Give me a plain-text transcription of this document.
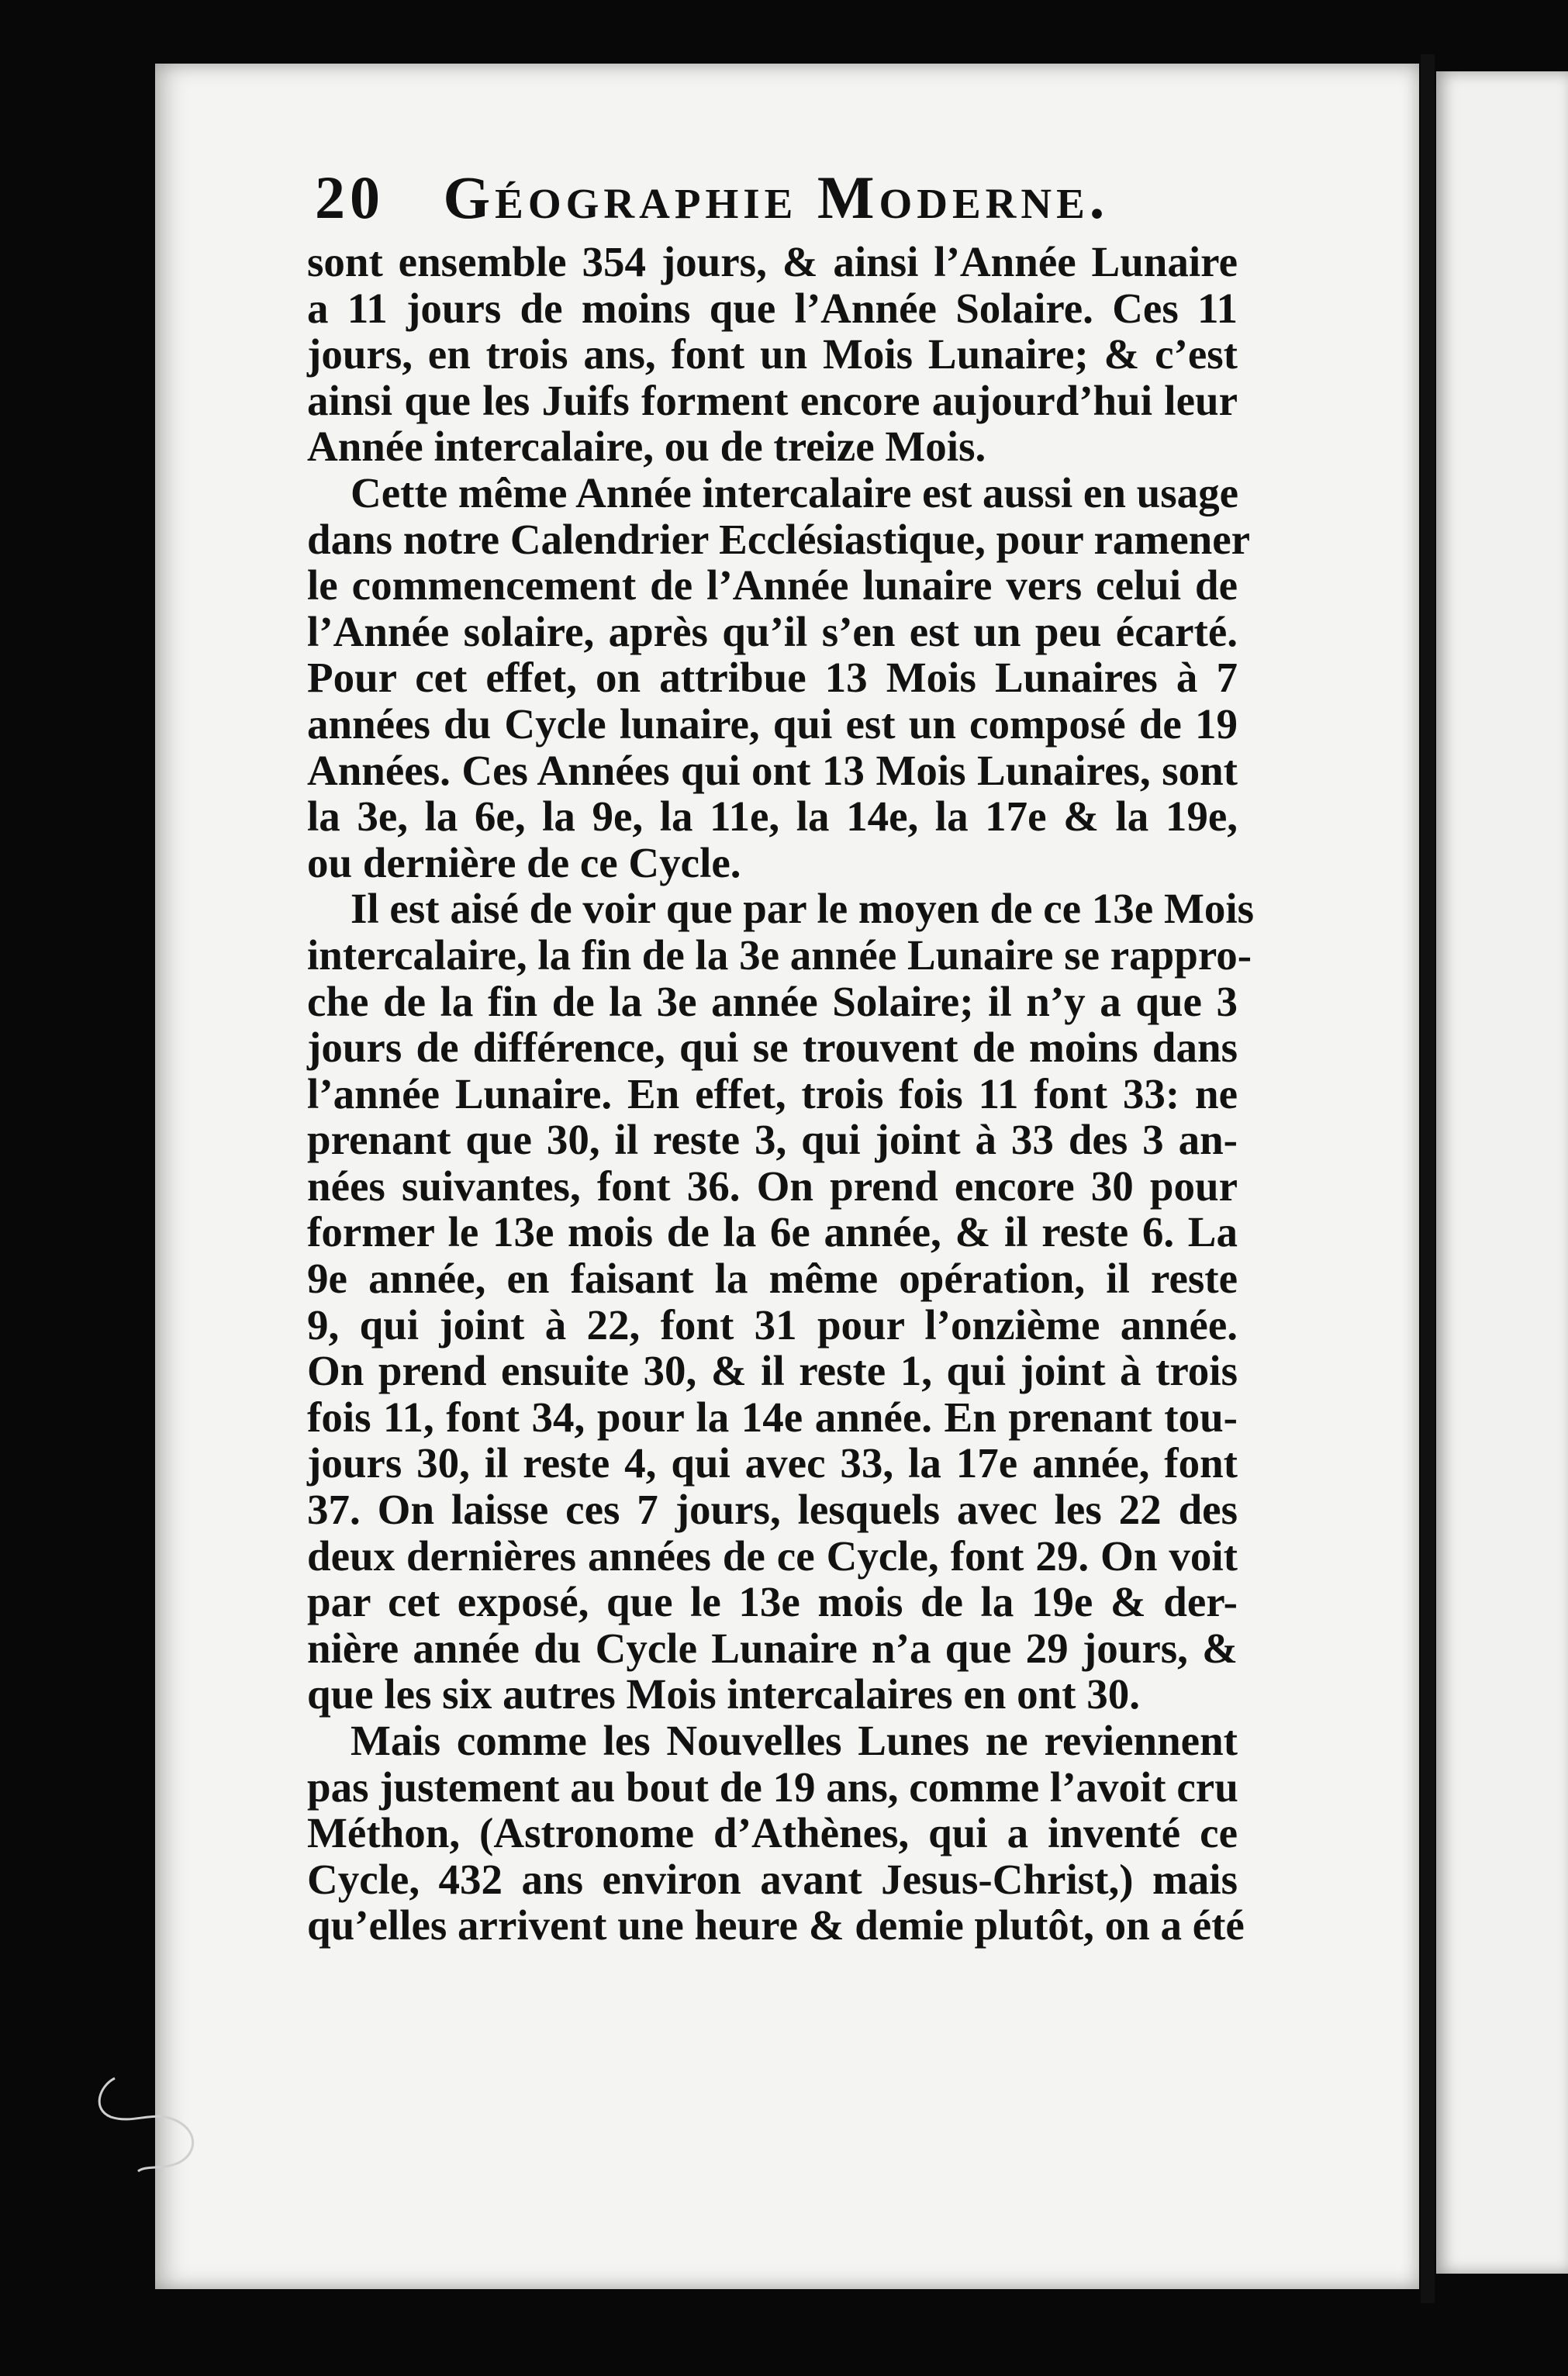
20 Géographie Moderne.
sont ensemble 354 jours, & ainsi l’Année Lunaire
a 11 jours de moins que l’Année Solaire. Ces 11
jours, en trois ans, font un Mois Lunaire; & c’est
ainsi que les Juifs forment encore aujourd’hui leur
Année intercalaire, ou de treize Mois.
Cette même Année intercalaire est aussi en usage
dans notre Calendrier Ecclésiastique, pour ramener
le commencement de l’Année lunaire vers celui de
l’Année solaire, après qu’il s’en est un peu écarté.
Pour cet effet, on attribue 13 Mois Lunaires à 7
années du Cycle lunaire, qui est un composé de 19
Années. Ces Années qui ont 13 Mois Lunaires, sont
la 3e, la 6e, la 9e, la 11e, la 14e, la 17e & la 19e,
ou dernière de ce Cycle.
Il est aisé de voir que par le moyen de ce 13e Mois
intercalaire, la fin de la 3e année Lunaire se rappro-
che de la fin de la 3e année Solaire; il n’y a que 3
jours de différence, qui se trouvent de moins dans
l’année Lunaire. En effet, trois fois 11 font 33: ne
prenant que 30, il reste 3, qui joint à 33 des 3 an-
nées suivantes, font 36. On prend encore 30 pour
former le 13e mois de la 6e année, & il reste 6. La
9e année, en faisant la même opération, il reste
9, qui joint à 22, font 31 pour l’onzième année.
On prend ensuite 30, & il reste 1, qui joint à trois
fois 11, font 34, pour la 14e année. En prenant tou-
jours 30, il reste 4, qui avec 33, la 17e année, font
37. On laisse ces 7 jours, lesquels avec les 22 des
deux dernières années de ce Cycle, font 29. On voit
par cet exposé, que le 13e mois de la 19e & der-
nière année du Cycle Lunaire n’a que 29 jours, &
que les six autres Mois intercalaires en ont 30.
Mais comme les Nouvelles Lunes ne reviennent
pas justement au bout de 19 ans, comme l’avoit cru
Méthon, (Astronome d’Athènes, qui a inventé ce
Cycle, 432 ans environ avant Jesus-Christ,) mais
qu’elles arrivent une heure & demie plutôt, on a été
